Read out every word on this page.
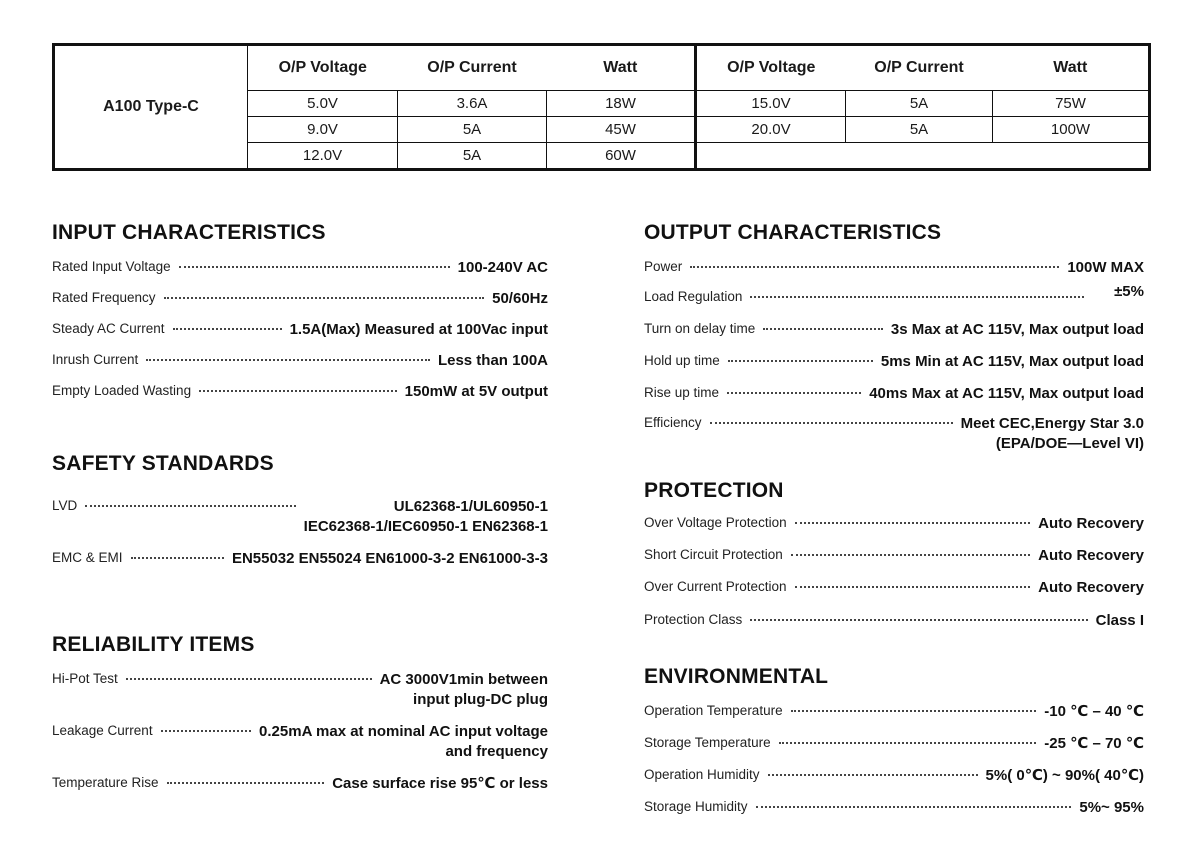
A100 Type-C	O/P Voltage	O/P Current	Watt	O/P Voltage	O/P Current	Watt
	5.0V	3.6A	18W	15.0V	5A	75W
	9.0V	5A	45W	20.0V	5A	100W
	12.0V	5A	60W			
INPUT CHARACTERISTICS
Rated Input Voltage	100-240V AC
Rated Frequency	50/60Hz
Steady AC Current	1.5A(Max) Measured at 100Vac input
Inrush Current	Less than 100A
Empty Loaded Wasting	150mW at 5V output
SAFETY STANDARDS
LVD	UL62368-1/UL60950-1
IEC62368-1/IEC60950-1 EN62368-1
EMC & EMI	EN55032 EN55024 EN61000-3-2 EN61000-3-3
RELIABILITY ITEMS
Hi-Pot Test	AC 3000V1min between
input plug-DC plug
Leakage Current	0.25mA max at nominal AC input voltage
and frequency
Temperature Rise	Case surface rise 95℃ or less
OUTPUT CHARACTERISTICS
Power	100W MAX
Load Regulation	±5%
Turn on delay time	3s Max at AC 115V, Max output load
Hold up time	5ms Min at AC 115V, Max output load
Rise up time	40ms Max at AC 115V, Max output load
Efficiency	Meet CEC,Energy Star 3.0
(EPA/DOE—Level VI)
PROTECTION
Over Voltage Protection	Auto Recovery
Short Circuit Protection	Auto Recovery
Over Current Protection	Auto Recovery
Protection Class	Class I
ENVIRONMENTAL
Operation Temperature	-10 ℃ – 40 ℃
Storage Temperature	-25 ℃ – 70 ℃
Operation Humidity	5%( 0℃) ~ 90%( 40℃)
Storage Humidity	5%~ 95%
